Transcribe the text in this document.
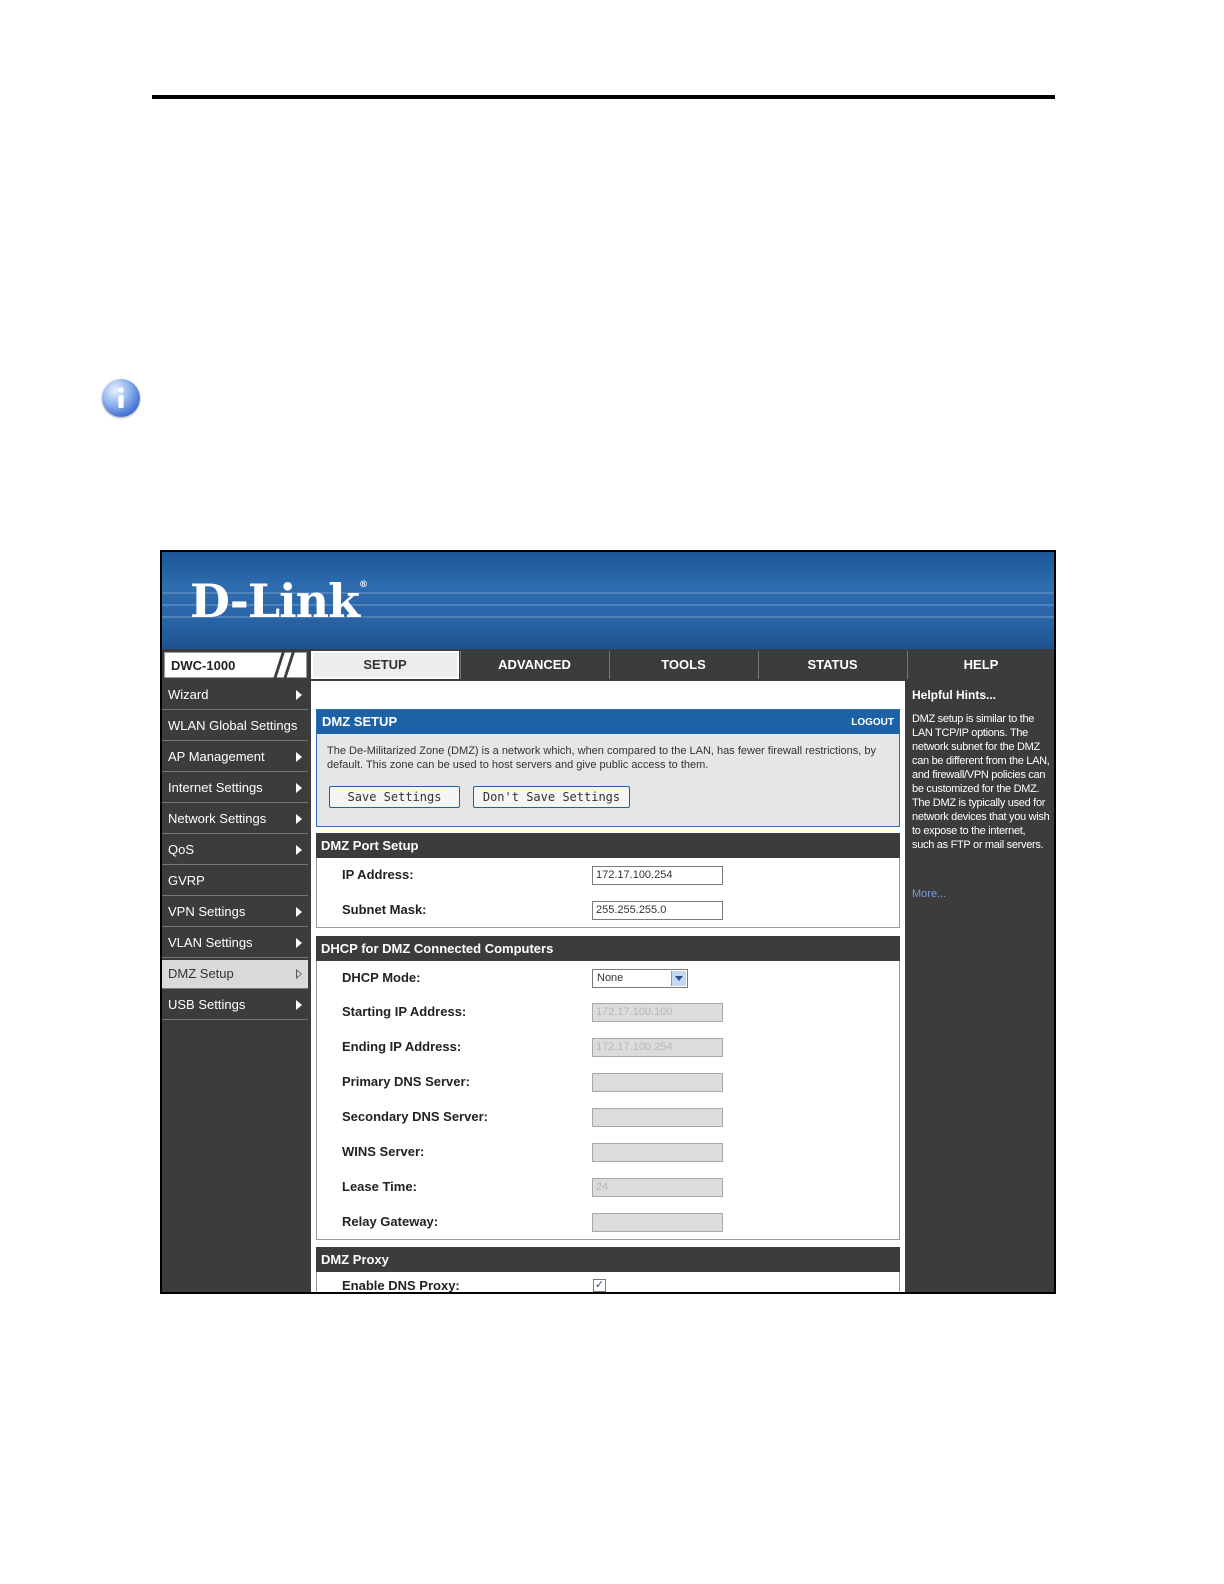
D-Link®
DWC-1000	SETUP	ADVANCED	TOOLS	STATUS	HELP
Wizard
WLAN Global Settings
AP Management
Internet Settings
Network Settings
QoS
GVRP
VPN Settings
VLAN Settings
DMZ Setup
USB Settings
DMZ SETUP	LOGOUT
The De-Militarized Zone (DMZ) is a network which, when compared to the LAN, has fewer firewall restrictions, by default. This zone can be used to host servers and give public access to them.
Save Settings	Don't Save Settings
DMZ Port Setup
IP Address:	172.17.100.254
Subnet Mask:	255.255.255.0
DHCP for DMZ Connected Computers
DHCP Mode:	None
Starting IP Address:	172.17.100.100
Ending IP Address:	172.17.100.254
Primary DNS Server:
Secondary DNS Server:
WINS Server:
Lease Time:	24
Relay Gateway:
DMZ Proxy
Enable DNS Proxy:	✓
Helpful Hints...
DMZ setup is similar to the LAN TCP/IP options. The network subnet for the DMZ can be different from the LAN, and firewall/VPN policies can be customized for the DMZ. The DMZ is typically used for network devices that you wish to expose to the internet, such as FTP or mail servers.
More...
